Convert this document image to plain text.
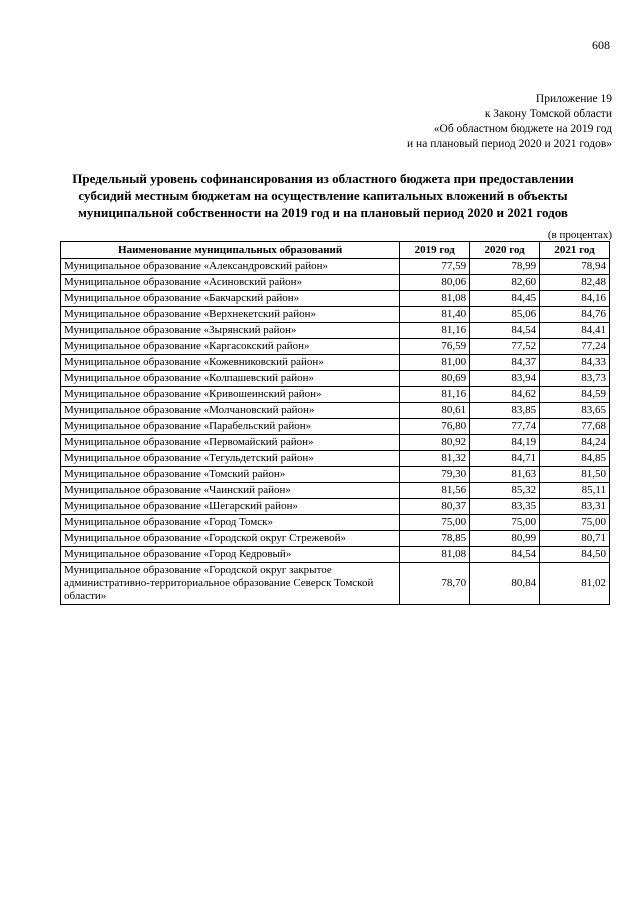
608
Приложение 19
к Закону Томской области
«Об областном бюджете на 2019 год
и на плановый период 2020 и 2021 годов»
Предельный уровень софинансирования из областного бюджета при предоставлении
субсидий местным бюджетам на осуществление капитальных вложений в объекты
муниципальной собственности на 2019 год и на плановый период 2020 и 2021 годов
(в процентах)
Наименование муниципальных образований	2019 год	2020 год	2021 год
Муниципальное образование «Александровский район»	77,59	78,99	78,94
Муниципальное образование «Асиновский район»	80,06	82,60	82,48
Муниципальное образование «Бакчарский район»	81,08	84,45	84,16
Муниципальное образование «Верхнекетский район»	81,40	85,06	84,76
Муниципальное образование «Зырянский район»	81,16	84,54	84,41
Муниципальное образование «Каргасокский район»	76,59	77,52	77,24
Муниципальное образование «Кожевниковский район»	81,00	84,37	84,33
Муниципальное образование «Колпашевский район»	80,69	83,94	83,73
Муниципальное образование «Кривошеинский район»	81,16	84,62	84,59
Муниципальное образование «Молчановский район»	80,61	83,85	83,65
Муниципальное образование «Парабельский район»	76,80	77,74	77,68
Муниципальное образование «Первомайский район»	80,92	84,19	84,24
Муниципальное образование «Тегульдетский район»	81,32	84,71	84,85
Муниципальное образование «Томский район»	79,30	81,63	81,50
Муниципальное образование «Чаинский район»	81,56	85,32	85,11
Муниципальное образование «Шегарский район»	80,37	83,35	83,31
Муниципальное образование «Город Томск»	75,00	75,00	75,00
Муниципальное образование «Городской округ Стрежевой»	78,85	80,99	80,71
Муниципальное образование «Город Кедровый»	81,08	84,54	84,50
Муниципальное образование «Городской округ закрытое административно-территориальное образование Северск Томской области»	78,70	80,84	81,02
